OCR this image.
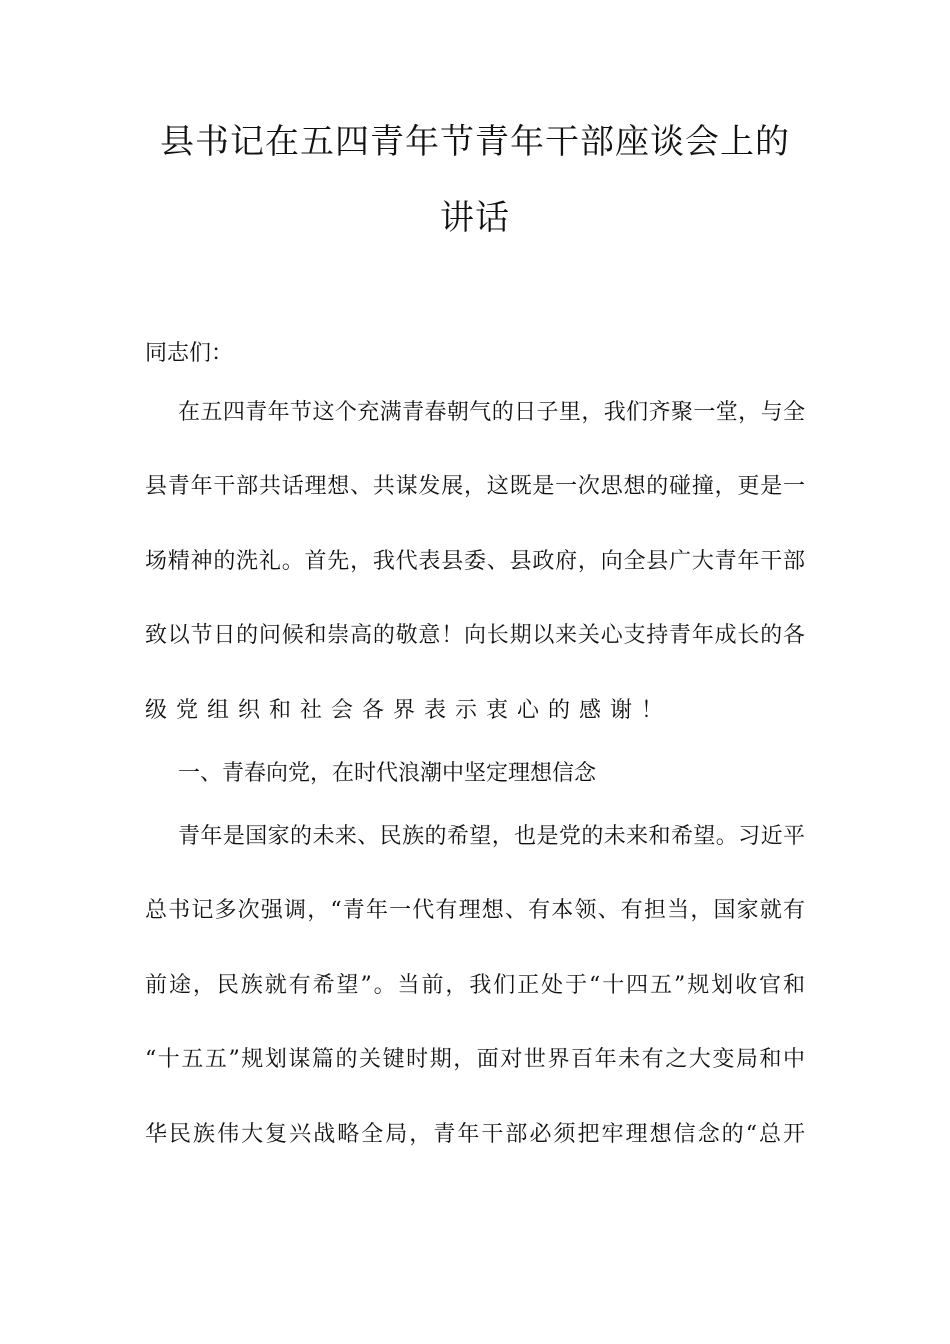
县书记在五四青年节青年干部座谈会上的
讲话
同志们：
在五四青年节这个充满青春朝气的日子里，我们齐聚一堂，与全
县青年干部共话理想、共谋发展，这既是一次思想的碰撞，更是一
场精神的洗礼。首先，我代表县委、县政府，向全县广大青年干部
致以节日的问候和崇高的敬意！向长期以来关心支持青年成长的各
级党组织和社会各界表示衷心的感谢！
一、青春向党，在时代浪潮中坚定理想信念
青年是国家的未来、民族的希望，也是党的未来和希望。习近平
总书记多次强调，“青年一代有理想、有本领、有担当，国家就有
前途，民族就有希望”。当前，我们正处于“十四五”规划收官和
“十五五”规划谋篇的关键时期，面对世界百年未有之大变局和中
华民族伟大复兴战略全局，青年干部必须把牢理想信念的“总开
